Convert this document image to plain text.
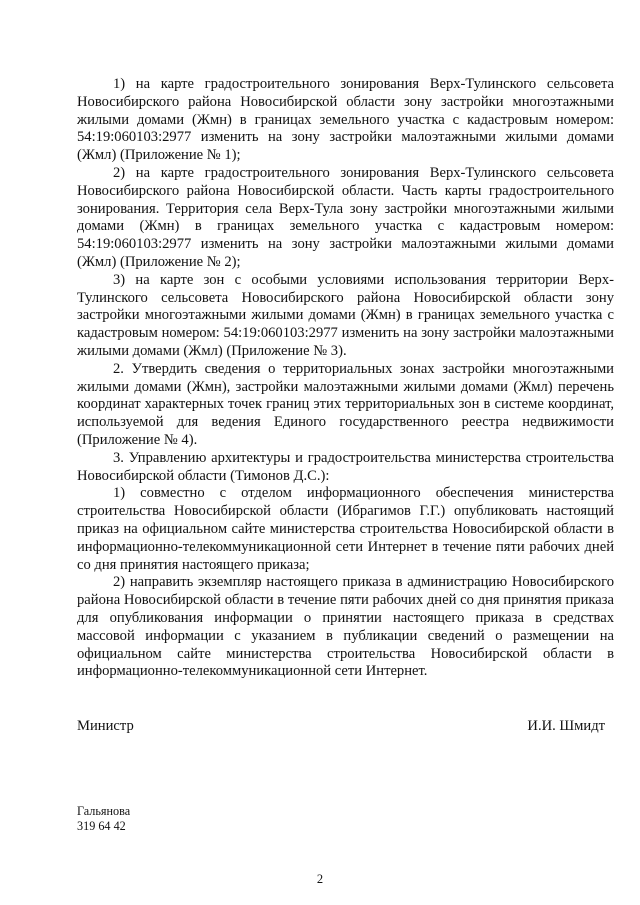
1) на карте градостроительного зонирования Верх-Тулинского сельсовета Новосибирского района Новосибирской области зону застройки многоэтажными жилыми домами (Жмн) в границах земельного участка с кадастровым номером: 54:19:060103:2977 изменить на зону застройки малоэтажными жилыми домами (Жмл) (Приложение № 1);

2) на карте градостроительного зонирования Верх-Тулинского сельсовета Новосибирского района Новосибирской области. Часть карты градостроительного зонирования. Территория села Верх-Тула зону застройки многоэтажными жилыми домами (Жмн) в границах земельного участка с кадастровым номером: 54:19:060103:2977 изменить на зону застройки малоэтажными жилыми домами (Жмл) (Приложение № 2);

3) на карте зон с особыми условиями использования территории Верх-Тулинского сельсовета Новосибирского района Новосибирской области зону застройки многоэтажными жилыми домами (Жмн) в границах земельного участка с кадастровым номером: 54:19:060103:2977 изменить на зону застройки малоэтажными жилыми домами (Жмл) (Приложение № 3).

2. Утвердить сведения о территориальных зонах застройки многоэтажными жилыми домами (Жмн), застройки малоэтажными жилыми домами (Жмл) перечень координат характерных точек границ этих территориальных зон в системе координат, используемой для ведения Единого государственного реестра недвижимости (Приложение № 4).

3. Управлению архитектуры и градостроительства министерства строительства Новосибирской области (Тимонов Д.С.):

1) совместно с отделом информационного обеспечения министерства строительства Новосибирской области (Ибрагимов Г.Г.) опубликовать настоящий приказ на официальном сайте министерства строительства Новосибирской области в информационно-телекоммуникационной сети Интернет в течение пяти рабочих дней со дня принятия настоящего приказа;

2) направить экземпляр настоящего приказа в администрацию Новосибирского района Новосибирской области в течение пяти рабочих дней со дня принятия приказа для опубликования информации о принятии настоящего приказа в средствах массовой информации с указанием в публикации сведений о размещении на официальном сайте министерства строительства Новосибирской области в информационно-телекоммуникационной сети Интернет.

Министр	И.И. Шмидт
Гальянова
319 64 42
2
